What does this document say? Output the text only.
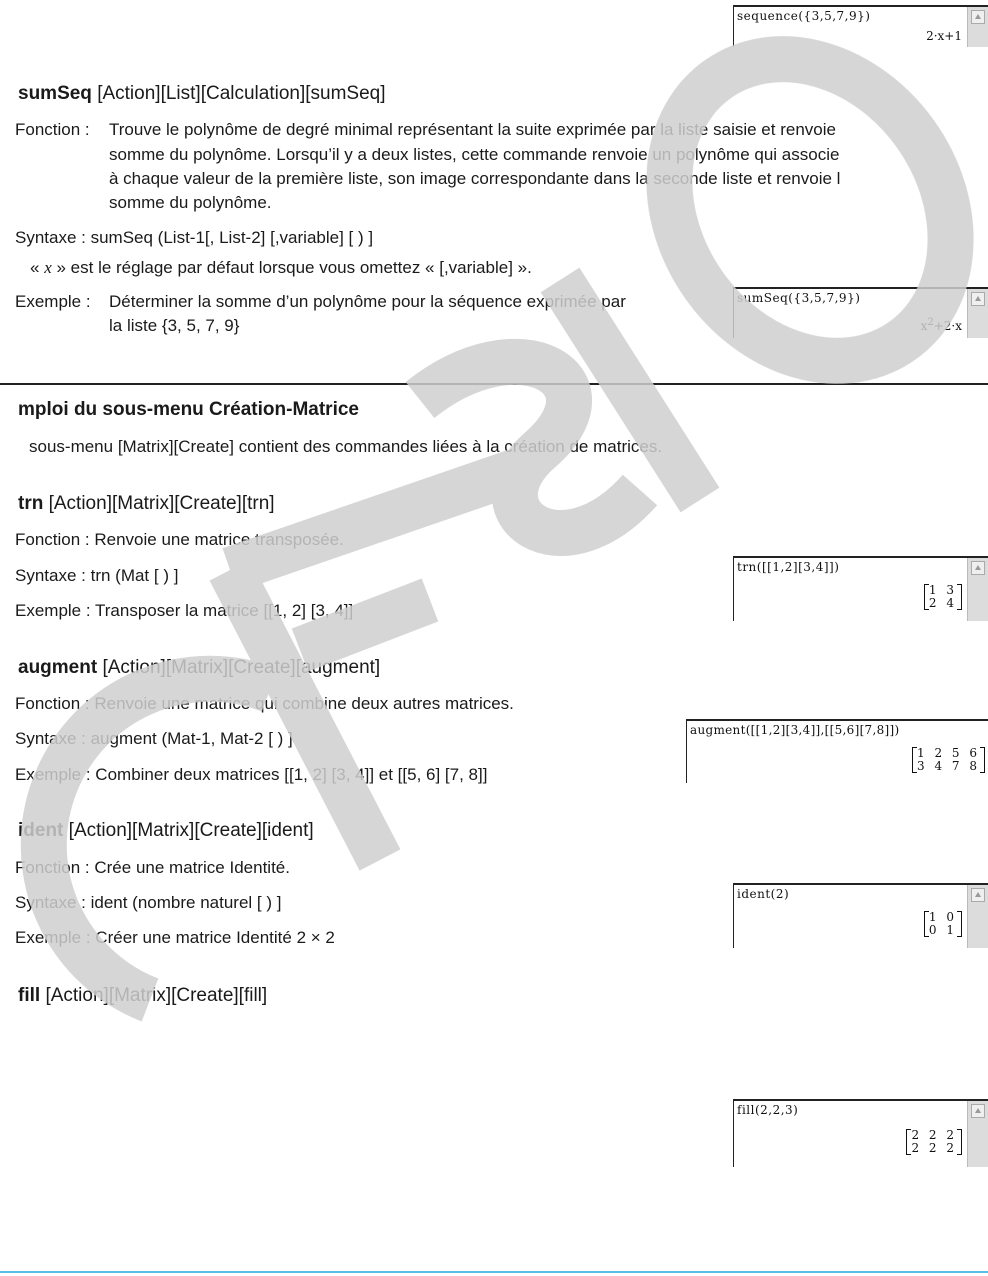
sequence({3,5,7,9})
2·x+1
sumSeq [Action][List][Calculation][sumSeq]
Fonction : Trouve le polynôme de degré minimal représentant la suite exprimée par la liste saisie et renvoie
somme du polynôme. Lorsqu’il y a deux listes, cette commande renvoie un polynôme qui associe
à chaque valeur de la première liste, son image correspondante dans la seconde liste et renvoie l
somme du polynôme.
Syntaxe : sumSeq (List-1[, List-2] [,variable] [ ) ]
« x » est le réglage par défaut lorsque vous omettez « [,variable] ».
Exemple : Déterminer la somme d’un polynôme pour la séquence exprimée par
la liste {3, 5, 7, 9}
sumSeq({3,5,7,9})
$x^2+2\cdot x$
mploi du sous-menu Création-Matrice
sous-menu [Matrix][Create] contient des commandes liées à la création de matrices.
trn [Action][Matrix][Create][trn]
Fonction : Renvoie une matrice transposée.
Syntaxe : trn (Mat [ ) ]
Exemple : Transposer la matrice [[1, 2] [3, 4]]
trn([[1,2][3,4]])
1 3
2 4
augment [Action][Matrix][Create][augment]
Fonction : Renvoie une matrice qui combine deux autres matrices.
Syntaxe : augment (Mat-1, Mat-2 [ ) ]
Exemple : Combiner deux matrices [[1, 2] [3, 4]] et [[5, 6] [7, 8]]
augment([[1,2][3,4]],[[5,6][7,8]])
1 2 5 6
3 4 7 8
ident [Action][Matrix][Create][ident]
Fonction : Crée une matrice Identité.
Syntaxe : ident (nombre naturel [ ) ]
Exemple : Créer une matrice Identité 2 × 2
ident(2)
1 0
0 1
fill [Action][Matrix][Create][fill]
fill(2,2,3)
2 2 2
2 2 2
